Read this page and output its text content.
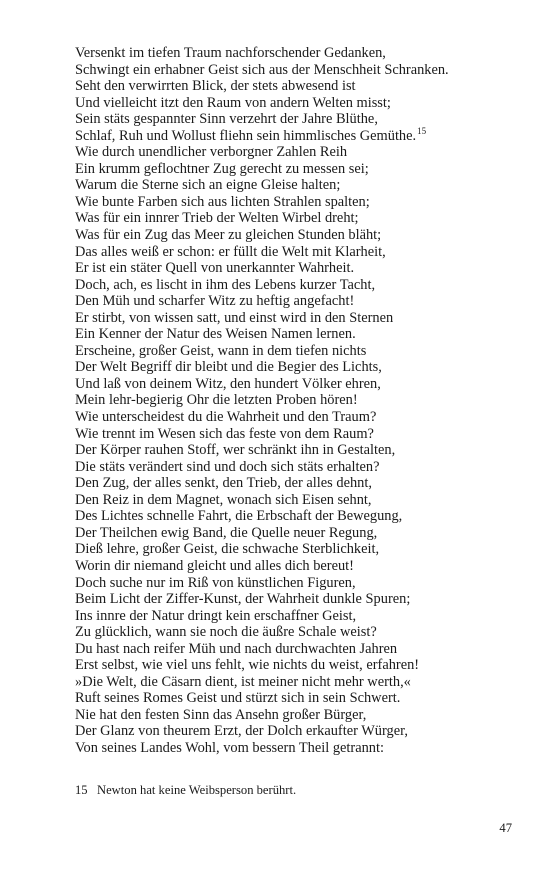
Versenkt im tiefen Traum nachforschender Gedanken,
Schwingt ein erhabner Geist sich aus der Menschheit Schranken.
Seht den verwirrten Blick, der stets abwesend ist
Und vielleicht itzt den Raum von andern Welten misst;
Sein stäts gespannter Sinn verzehrt der Jahre Blüthe,
Schlaf, Ruh und Wollust fliehn sein himmlisches Gemüthe.$^{15}$
Wie durch unendlicher verborgner Zahlen Reih
Ein krumm geflochtner Zug gerecht zu messen sei;
Warum die Sterne sich an eigne Gleise halten;
Wie bunte Farben sich aus lichten Strahlen spalten;
Was für ein innrer Trieb der Welten Wirbel dreht;
Was für ein Zug das Meer zu gleichen Stunden bläht;
Das alles weiß er schon: er füllt die Welt mit Klarheit,
Er ist ein stäter Quell von unerkannter Wahrheit.
Doch, ach, es lischt in ihm des Lebens kurzer Tacht,
Den Müh und scharfer Witz zu heftig angefacht!
Er stirbt, von wissen satt, und einst wird in den Sternen
Ein Kenner der Natur des Weisen Namen lernen.
Erscheine, großer Geist, wann in dem tiefen nichts
Der Welt Begriff dir bleibt und die Begier des Lichts,
Und laß von deinem Witz, den hundert Völker ehren,
Mein lehr-begierig Ohr die letzten Proben hören!
Wie unterscheidest du die Wahrheit und den Traum?
Wie trennt im Wesen sich das feste von dem Raum?
Der Körper rauhen Stoff, wer schränkt ihn in Gestalten,
Die stäts verändert sind und doch sich stäts erhalten?
Den Zug, der alles senkt, den Trieb, der alles dehnt,
Den Reiz in dem Magnet, wonach sich Eisen sehnt,
Des Lichtes schnelle Fahrt, die Erbschaft der Bewegung,
Der Theilchen ewig Band, die Quelle neuer Regung,
Dieß lehre, großer Geist, die schwache Sterblichkeit,
Worin dir niemand gleicht und alles dich bereut!
Doch suche nur im Riß von künstlichen Figuren,
Beim Licht der Ziffer-Kunst, der Wahrheit dunkle Spuren;
Ins innre der Natur dringt kein erschaffner Geist,
Zu glücklich, wann sie noch die äußre Schale weist?
Du hast nach reifer Müh und nach durchwachten Jahren
Erst selbst, wie viel uns fehlt, wie nichts du weist, erfahren!
»Die Welt, die Cäsarn dient, ist meiner nicht mehr werth,«
Ruft seines Romes Geist und stürzt sich in sein Schwert.
Nie hat den festen Sinn das Ansehn großer Bürger,
Der Glanz von theurem Erzt, der Dolch erkaufter Würger,
Von seines Landes Wohl, vom bessern Theil getrannt:
15 Newton hat keine Weibsperson berührt.
47
